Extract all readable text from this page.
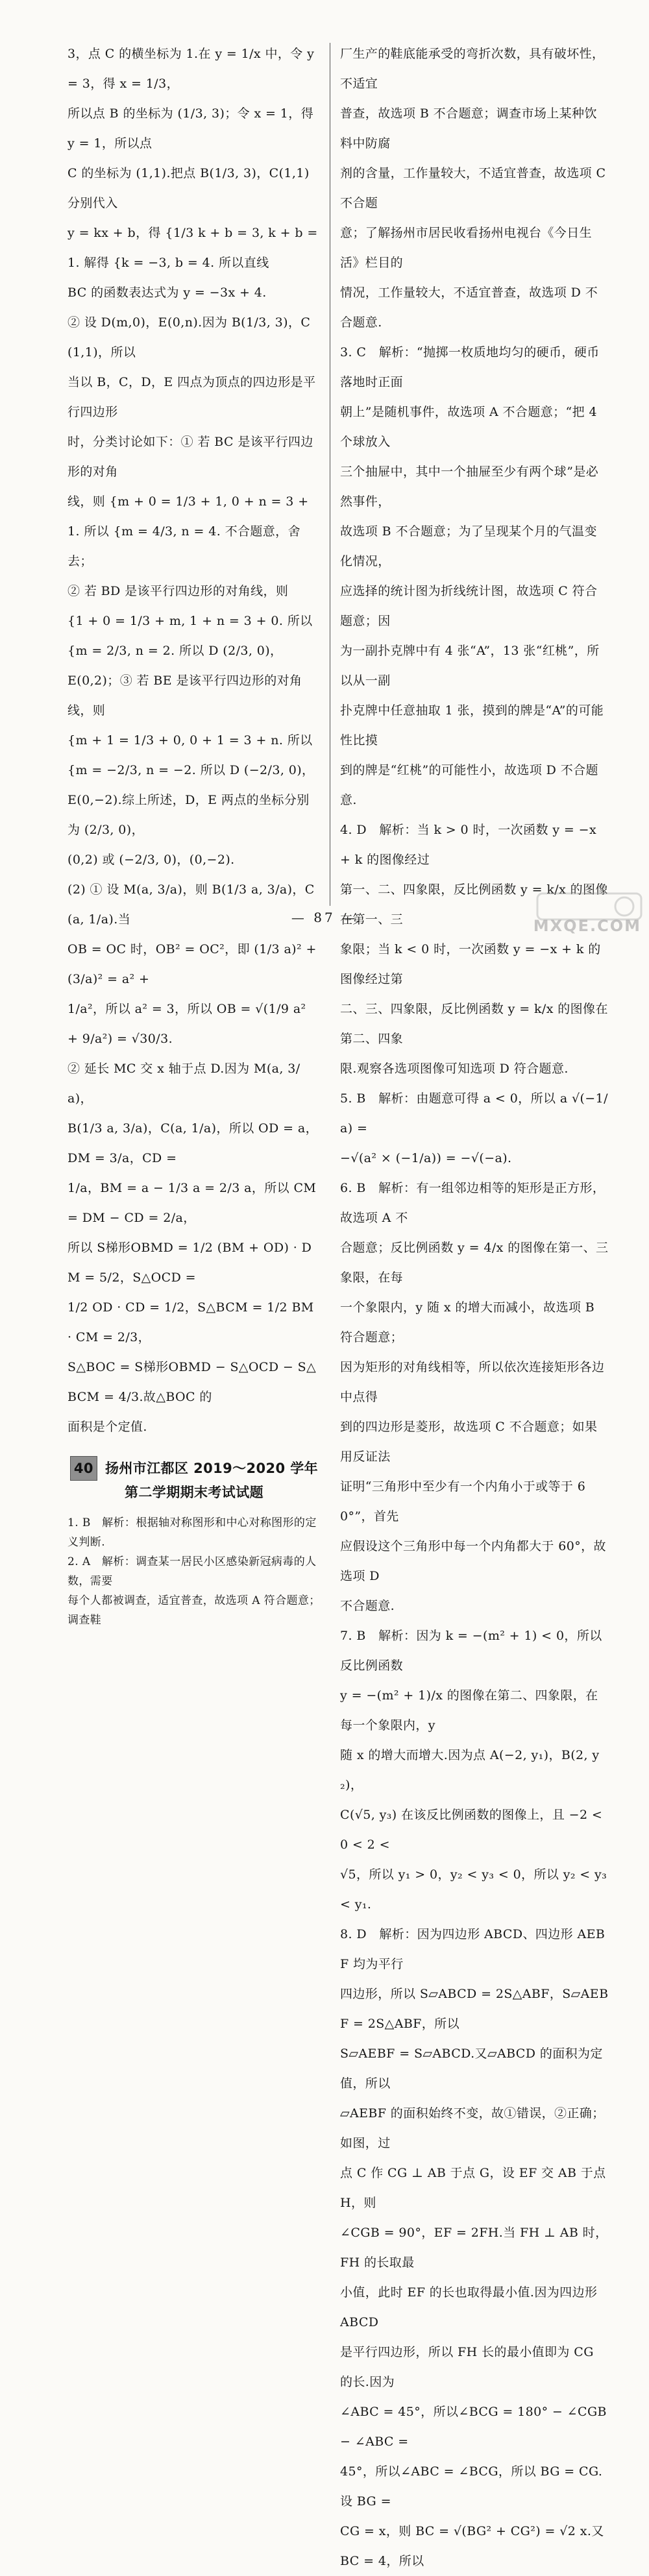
3，点 C 的横坐标为 1.在 y = 1/x 中，令 y = 3，得 x = 1/3，

所以点 B 的坐标为 (1/3, 3)；令 x = 1，得 y = 1，所以点

C 的坐标为 (1,1).把点 B(1/3, 3)，C(1,1) 分别代入

y = kx + b，得 {1/3 k + b = 3, k + b = 1. 解得 {k = −3, b = 4. 所以直线

BC 的函数表达式为 y = −3x + 4.

② 设 D(m,0)，E(0,n).因为 B(1/3, 3)，C(1,1)，所以

当以 B，C，D，E 四点为顶点的四边形是平行四边形

时，分类讨论如下：① 若 BC 是该平行四边形的对角

线，则 {m + 0 = 1/3 + 1, 0 + n = 3 + 1. 所以 {m = 4/3, n = 4. 不合题意，舍去；

② 若 BD 是该平行四边形的对角线，则

{1 + 0 = 1/3 + m, 1 + n = 3 + 0. 所以 {m = 2/3, n = 2. 所以 D (2/3, 0)，

E(0,2)；③ 若 BE 是该平行四边形的对角线，则

{m + 1 = 1/3 + 0, 0 + 1 = 3 + n. 所以 {m = −2/3, n = −2. 所以 D (−2/3, 0)，

E(0,−2).综上所述，D，E 两点的坐标分别为 (2/3, 0)，

(0,2) 或 (−2/3, 0)，(0,−2).

(2) ① 设 M(a, 3/a)，则 B(1/3 a, 3/a)，C(a, 1/a).当

OB = OC 时，OB² = OC²，即 (1/3 a)² + (3/a)² = a² +

1/a²，所以 a² = 3，所以 OB = √(1/9 a² + 9/a²) = √30/3.

② 延长 MC 交 x 轴于点 D.因为 M(a, 3/a)，

B(1/3 a, 3/a)，C(a, 1/a)，所以 OD = a，DM = 3/a，CD =

1/a，BM = a − 1/3 a = 2/3 a，所以 CM = DM − CD = 2/a，

所以 S梯形OBMD = 1/2 (BM + OD) · DM = 5/2，S△OCD =

1/2 OD · CD = 1/2，S△BCM = 1/2 BM · CM = 2/3，

S△BOC = S梯形OBMD − S△OCD − S△BCM = 4/3.故△BOC 的

面积是个定值.

40 扬州市江都区 2019～2020 学年
第二学期期末考试试题

1. B　解析：根据轴对称图形和中心对称图形的定义判断.

2. A　解析：调查某一居民小区感染新冠病毒的人数，需要

每个人都被调查，适宜普查，故选项 A 符合题意；调查鞋

厂生产的鞋底能承受的弯折次数，具有破坏性，不适宜

普查，故选项 B 不合题意；调查市场上某种饮料中防腐

剂的含量，工作量较大，不适宜普查，故选项 C 不合题

意；了解扬州市居民收看扬州电视台《今日生活》栏目的

情况，工作量较大，不适宜普查，故选项 D 不合题意.

3. C　解析：“抛掷一枚质地均匀的硬币，硬币落地时正面

朝上”是随机事件，故选项 A 不合题意；“把 4 个球放入

三个抽屉中，其中一个抽屉至少有两个球”是必然事件，

故选项 B 不合题意；为了呈现某个月的气温变化情况，

应选择的统计图为折线统计图，故选项 C 符合题意；因

为一副扑克牌中有 4 张“A”，13 张“红桃”，所以从一副

扑克牌中任意抽取 1 张，摸到的牌是“A”的可能性比摸

到的牌是“红桃”的可能性小，故选项 D 不合题意.

4. D　解析：当 k > 0 时，一次函数 y = −x + k 的图像经过

第一、二、四象限，反比例函数 y = k/x 的图像在第一、三

象限；当 k < 0 时，一次函数 y = −x + k 的图像经过第

二、三、四象限，反比例函数 y = k/x 的图像在第二、四象

限.观察各选项图像可知选项 D 符合题意.

5. B　解析：由题意可得 a < 0，所以 a √(−1/a) =

−√(a² × (−1/a)) = −√(−a).

6. B　解析：有一组邻边相等的矩形是正方形，故选项 A 不

合题意；反比例函数 y = 4/x 的图像在第一、三象限，在每

一个象限内，y 随 x 的增大而减小，故选项 B 符合题意；

因为矩形的对角线相等，所以依次连接矩形各边中点得

到的四边形是菱形，故选项 C 不合题意；如果用反证法

证明“三角形中至少有一个内角小于或等于 60°”，首先

应假设这个三角形中每一个内角都大于 60°，故选项 D

不合题意.

7. B　解析：因为 k = −(m² + 1) < 0，所以反比例函数

y = −(m² + 1)/x 的图像在第二、四象限，在每一个象限内，y

随 x 的增大而增大.因为点 A(−2, y₁)，B(2, y₂)，

C(√5, y₃) 在该反比例函数的图像上，且 −2 < 0 < 2 <

√5，所以 y₁ > 0，y₂ < y₃ < 0，所以 y₂ < y₃ < y₁.

8. D　解析：因为四边形 ABCD、四边形 AEBF 均为平行

四边形，所以 S▱ABCD = 2S△ABF，S▱AEBF = 2S△ABF，所以

S▱AEBF = S▱ABCD.又▱ABCD 的面积为定值，所以

▱AEBF 的面积始终不变，故①错误，②正确；如图，过

点 C 作 CG ⊥ AB 于点 G，设 EF 交 AB 于点 H，则

∠CGB = 90°，EF = 2FH.当 FH ⊥ AB 时，FH 的长取最

小值，此时 EF 的长也取得最小值.因为四边形 ABCD

是平行四边形，所以 FH 长的最小值即为 CG 的长.因为

∠ABC = 45°，所以∠BCG = 180° − ∠CGB − ∠ABC =

45°，所以∠ABC = ∠BCG，所以 BG = CG.设 BG =

CG = x，则 BC = √(BG² + CG²) = √2 x.又 BC = 4，所以

— 87 —	MXQE.COM
